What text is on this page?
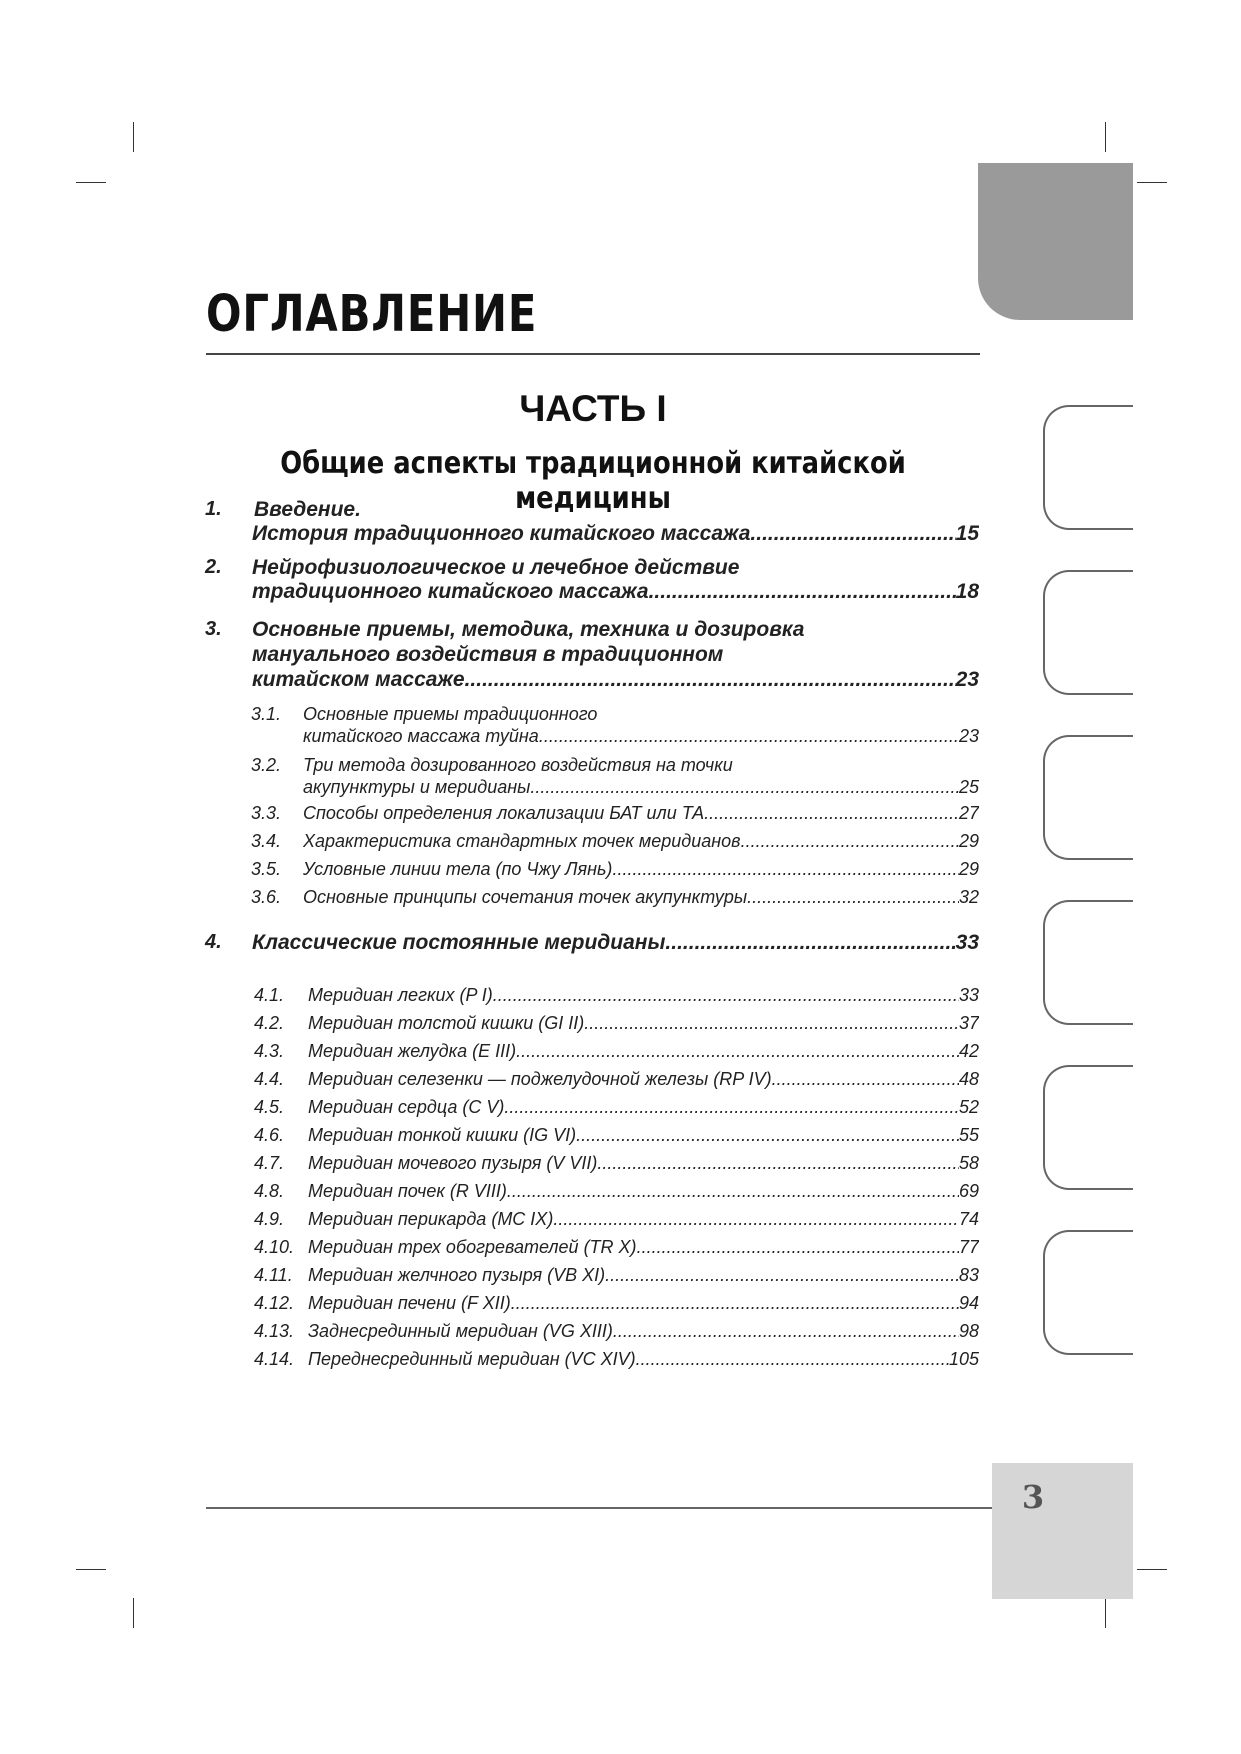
3
ОГЛАВЛЕНИЕ
ЧАСТЬ I
Общие аспекты традиционной китайской медицины
1. Введение.
История традиционного китайского массажа .....	15
2. Нейрофизиологическое и лечебное действие
традиционного китайского массажа .....	18
3. Основные приемы, методика, техника и дозировка
мануального воздействия в традиционном
китайском массаже .....	23
3.1. Основные приемы традиционного
китайского массажа туйна .....	23
3.2. Три метода дозированного воздействия на точки
акупунктуры и меридианы .....	25
3.3. Способы определения локализации БАТ или ТА .....	27
3.4. Характеристика стандартных точек меридианов .....	29
3.5. Условные линии тела (по Чжу Лянь) .....	29
3.6. Основные принципы сочетания точек акупунктуры .....	32
4. Классические постоянные меридианы .....	33
4.1. Меридиан легких (P I) .....	33
4.2. Меридиан толстой кишки (GI II) .....	37
4.3. Меридиан желудка (E III) .....	42
4.4. Меридиан селезенки — поджелудочной железы (RP IV) .....	48
4.5. Меридиан сердца (C V) .....	52
4.6. Меридиан тонкой кишки (IG VI) .....	55
4.7. Меридиан мочевого пузыря (V VII) .....	58
4.8. Меридиан почек (R VIII) .....	69
4.9. Меридиан перикарда (MC IX) .....	74
4.10. Меридиан трех обогревателей (TR X) .....	77
4.11. Меридиан желчного пузыря (VB XI) .....	83
4.12. Меридиан печени (F XII) .....	94
4.13. Заднесрединный меридиан (VG XIII) .....	98
4.14. Переднесрединный меридиан (VC XIV) .....	105
